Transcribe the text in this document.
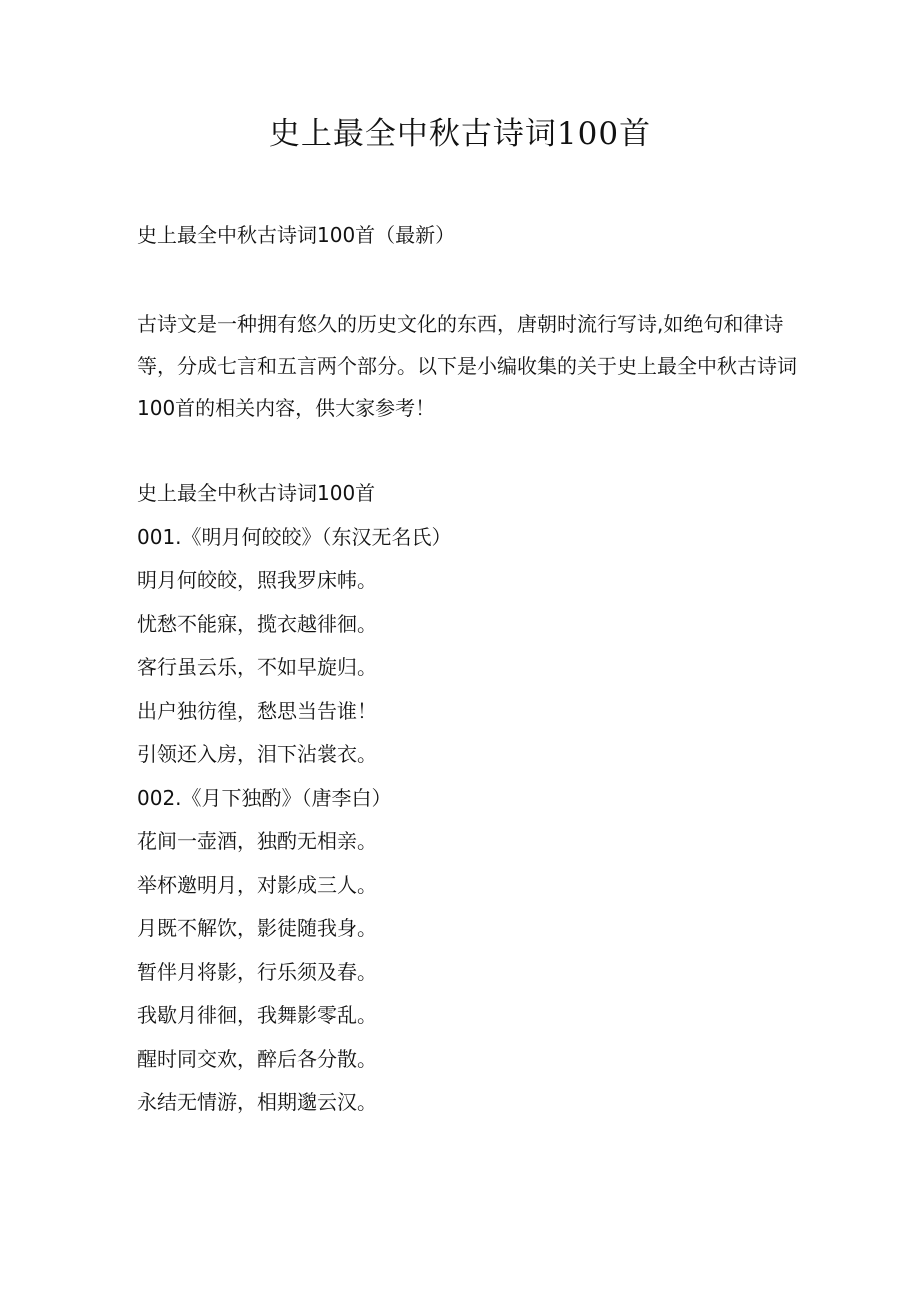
史上最全中秋古诗词100首

史上最全中秋古诗词100首（最新）

古诗文是一种拥有悠久的历史文化的东西，唐朝时流行写诗,如绝句和律诗等，分成七言和五言两个部分。以下是小编收集的关于史上最全中秋古诗词100首的相关内容，供大家参考！

史上最全中秋古诗词100首
001.《明月何皎皎》（东汉无名氏）
明月何皎皎，照我罗床帏。
忧愁不能寐，揽衣越徘徊。
客行虽云乐，不如早旋归。
出户独彷徨，愁思当告谁！
引领还入房，泪下沾裳衣。
002.《月下独酌》（唐李白）
花间一壶酒，独酌无相亲。
举杯邀明月，对影成三人。
月既不解饮，影徒随我身。
暂伴月将影，行乐须及春。
我歇月徘徊，我舞影零乱。
醒时同交欢，醉后各分散。
永结无情游，相期邈云汉。
